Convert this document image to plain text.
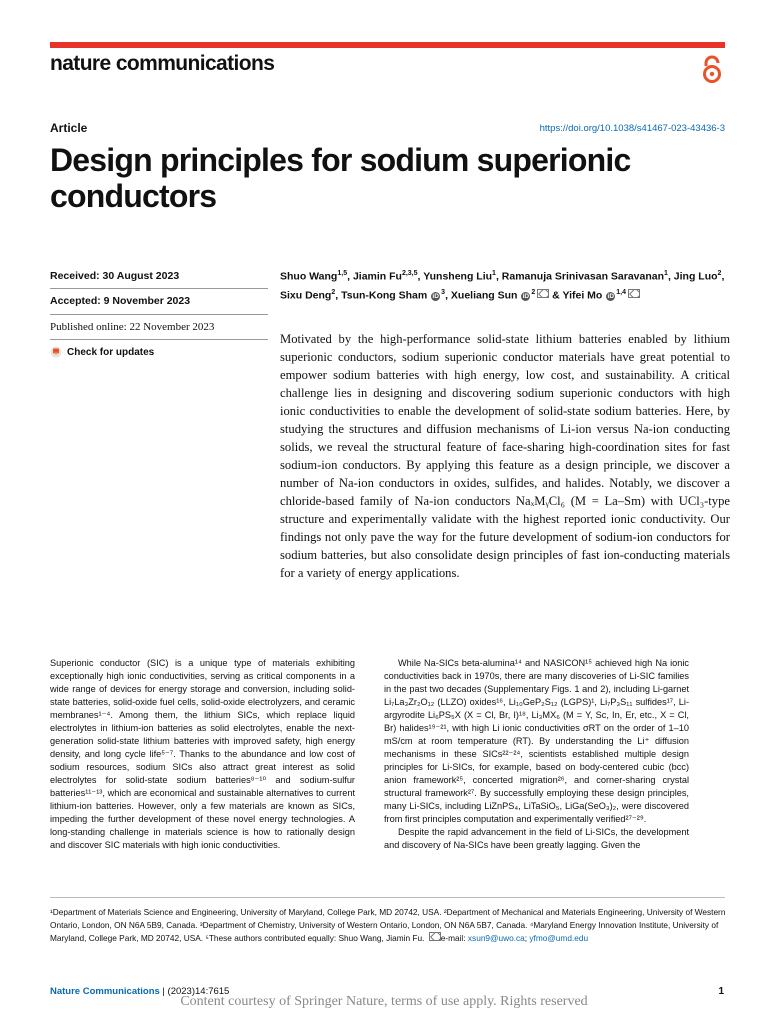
nature communications
Article	https://doi.org/10.1038/s41467-023-43436-3
Design principles for sodium superionic conductors
Received: 30 August 2023
Accepted: 9 November 2023
Published online: 22 November 2023
Check for updates
Shuo Wang$^{1,5}$, Jiamin Fu$^{2,3,5}$, Yunsheng Liu$^1$, Ramanuja Srinivasan Saravanan$^1$, Jing Luo$^2$, Sixu Deng$^2$, Tsun-Kong Sham $iD^3$, Xueliang Sun $iD^2$ & Yifei Mo iD$^{1,4}$

Motivated by the high-performance solid-state lithium batteries enabled by lithium superionic conductors, sodium superionic conductor materials have great potential to empower sodium batteries with high energy, low cost, and sustainability. A critical challenge lies in designing and discovering sodium superionic conductors with high ionic conductivities to enable the development of solid-state sodium batteries. Here, by studying the structures and diffusion mechanisms of Li-ion versus Na-ion conducting solids, we reveal the structural feature of face-sharing high-coordination sites for fast sodium-ion conductors. By applying this feature as a design principle, we discover a number of Na-ion conductors in oxides, sulfides, and halides. Notably, we discover a chloride-based family of Na-ion conductors NaₓMᵧCl₆ (M = La–Sm) with UCl₃-type structure and experimentally validate with the highest reported ionic conductivity. Our findings not only pave the way for the future development of sodium-ion conductors for sodium batteries, but also consolidate design principles of fast ion-conducting materials for a variety of energy applications.

Superionic conductor (SIC) is a unique type of materials exhibiting exceptionally high ionic conductivities, serving as critical components in a wide range of devices for energy storage and conversion, including solid-state batteries, solid-oxide fuel cells, solid-oxide electrolyzers, and ceramic membranes¹⁻⁴. Among them, the lithium SICs, which replace liquid electrolytes in lithium-ion batteries as solid electrolytes, enable the next-generation solid-state lithium batteries with improved safety, high energy density, and long cycle life⁵⁻⁷. Thanks to the abundance and low cost of sodium resources, sodium SICs also attract great interest as solid electrolytes for solid-state sodium batteries⁸⁻¹⁰ and sodium-sulfur batteries¹¹⁻¹³, which are economical and sustainable alternatives to current lithium-ion batteries. However, only a few materials are known as SICs, impeding the further development of these novel energy technologies. A long-standing challenge in materials science is how to rationally design and discover SIC materials with high ionic conductivities.

While Na-SICs beta-alumina¹⁴ and NASICON¹⁵ achieved high Na ionic conductivities back in 1970s, there are many discoveries of Li-SIC families in the past two decades (Supplementary Figs. 1 and 2), including Li-garnet Li₇La₃Zr₂O₁₂ (LLZO) oxides¹⁶, Li₁₀GeP₂S₁₂ (LGPS)¹, Li₇P₃S₁₁ sulfides¹⁷, Li-argyrodite Li₆PS₅X (X = Cl, Br, I)¹⁸, Li₃MX₆ (M = Y, Sc, In, Er, etc., X = Cl, Br) halides¹⁹⁻²¹, with high Li ionic conductivities σRT on the order of 1–10 mS/cm at room temperature (RT). By understanding the Li⁺ diffusion mechanisms in these SICs²²⁻²⁴, scientists established multiple design principles for Li-SICs, for example, based on body-centered cubic (bcc) anion framework²⁵, concerted migration²⁶, and corner-sharing crystal structural framework²⁷. By successfully employing these design principles, many Li-SICs, including LiZnPS₄, LiTaSiO₅, LiGa(SeO₃)₂, were discovered from first principles computation and experimentally verified²⁷⁻²⁹.

Despite the rapid advancement in the field of Li-SICs, the development and discovery of Na-SICs have been greatly lagging. Given the

¹Department of Materials Science and Engineering, University of Maryland, College Park, MD 20742, USA. ²Department of Mechanical and Materials Engineering, University of Western Ontario, London, ON N6A 5B9, Canada. ³Department of Chemistry, University of Western Ontario, London, ON N6A 5B7, Canada. ⁴Maryland Energy Innovation Institute, University of Maryland, College Park, MD 20742, USA. ⁵These authors contributed equally: Shuo Wang, Jiamin Fu. e-mail: xsun9@uwo.ca; yfmo@umd.edu
Nature Communications | (2023)14:7615	1
Content courtesy of Springer Nature, terms of use apply. Rights reserved
